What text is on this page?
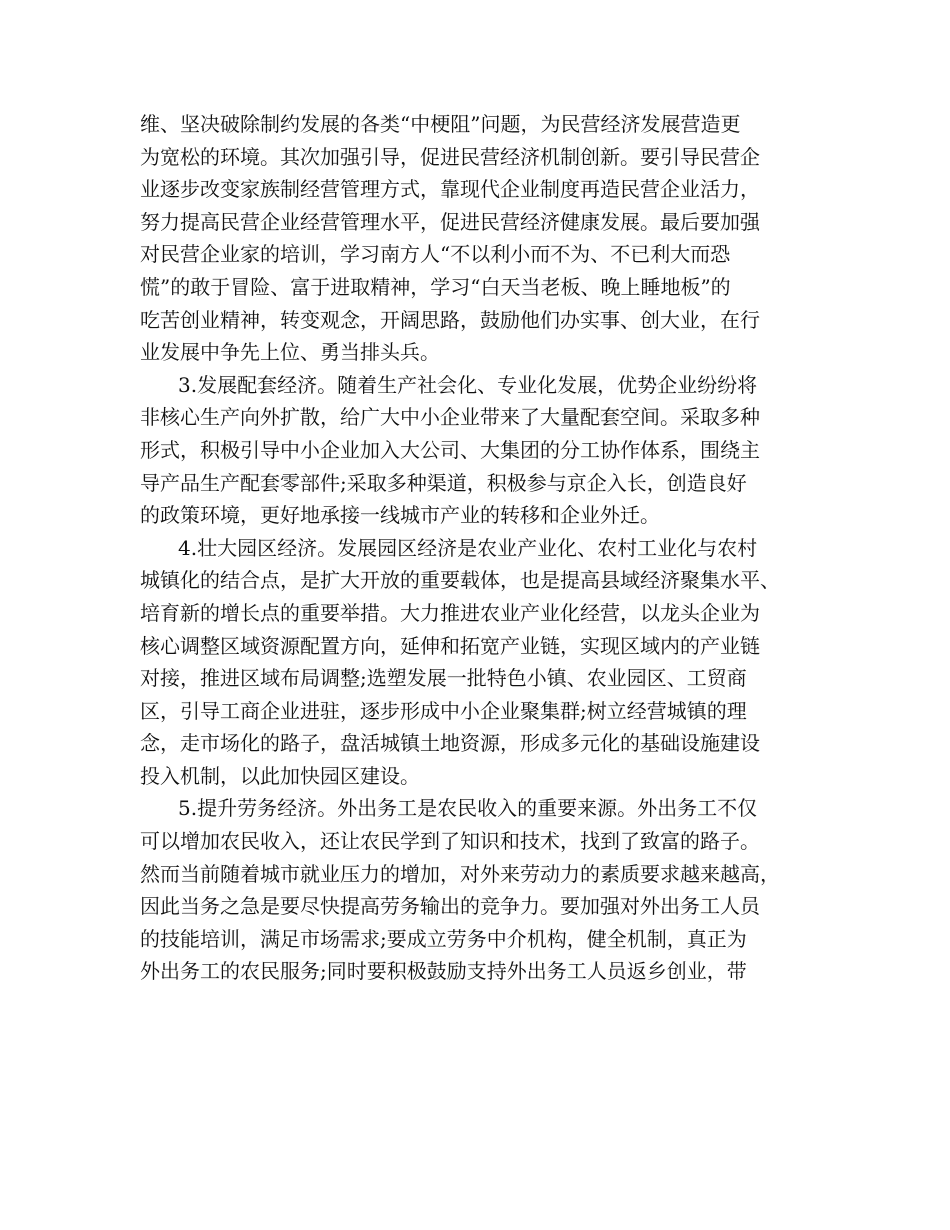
维、坚决破除制约发展的各类“中梗阻”问题，为民营经济发展营造更
为宽松的环境。其次加强引导，促进民营经济机制创新。要引导民营企
业逐步改变家族制经营管理方式，靠现代企业制度再造民营企业活力，
努力提高民营企业经营管理水平，促进民营经济健康发展。最后要加强
对民营企业家的培训，学习南方人“不以利小而不为、不已利大而恐
慌”的敢于冒险、富于进取精神，学习“白天当老板、晚上睡地板”的
吃苦创业精神，转变观念，开阔思路，鼓励他们办实事、创大业，在行
业发展中争先上位、勇当排头兵。
3.发展配套经济。随着生产社会化、专业化发展，优势企业纷纷将
非核心生产向外扩散，给广大中小企业带来了大量配套空间。采取多种
形式，积极引导中小企业加入大公司、大集团的分工协作体系，围绕主
导产品生产配套零部件;采取多种渠道，积极参与京企入长，创造良好
的政策环境，更好地承接一线城市产业的转移和企业外迁。
4.壮大园区经济。发展园区经济是农业产业化、农村工业化与农村
城镇化的结合点，是扩大开放的重要载体，也是提高县域经济聚集水平、
培育新的增长点的重要举措。大力推进农业产业化经营，以龙头企业为
核心调整区域资源配置方向，延伸和拓宽产业链，实现区域内的产业链
对接，推进区域布局调整;选塑发展一批特色小镇、农业园区、工贸商
区，引导工商企业进驻，逐步形成中小企业聚集群;树立经营城镇的理
念，走市场化的路子，盘活城镇土地资源，形成多元化的基础设施建设
投入机制，以此加快园区建设。
5.提升劳务经济。外出务工是农民收入的重要来源。外出务工不仅
可以增加农民收入，还让农民学到了知识和技术，找到了致富的路子。
然而当前随着城市就业压力的增加，对外来劳动力的素质要求越来越高，
因此当务之急是要尽快提高劳务输出的竞争力。要加强对外出务工人员
的技能培训，满足市场需求;要成立劳务中介机构，健全机制，真正为
外出务工的农民服务;同时要积极鼓励支持外出务工人员返乡创业，带
